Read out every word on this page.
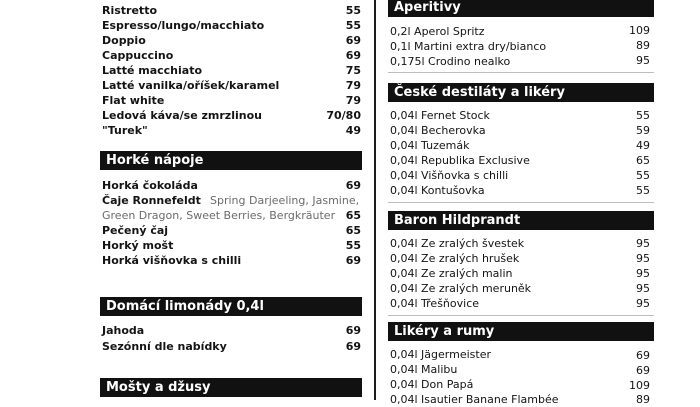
Ristretto	55
Espresso/lungo/macchiato	55
Doppio	69
Cappuccino	69
Latté macchiato	75
Latté vanilka/oříšek/karamel	79
Flat white	79
Ledová káva/se zmrzlinou	70/80
"Turek"	49
Horké nápoje
Horká čokoláda	69
Čaje Ronnefeldt Spring Darjeeling, Jasmine,
Green Dragon, Sweet Berries, Bergkräuter 65
Pečený čaj	65
Horký mošt	55
Horká višňovka s chilli	69
Domácí limonády 0,4l
Jahoda	69
Sezónní dle nabídky	69
Mošty a džusy
Aperitivy
0,2l Aperol Spritz	109
0,1l Martini extra dry/bianco	89
0,175l Crodino nealko	95
České destiláty a likéry
0,04l Fernet Stock	55
0,04l Becherovka	59
0,04l Tuzemák	49
0,04l Republika Exclusive	65
0,04l Višňovka s chilli	55
0,04l Kontušovka	55
Baron Hildprandt
0,04l Ze zralých švestek	95
0,04l Ze zralých hrušek	95
0,04l Ze zralých malin	95
0,04l Ze zralých meruněk	95
0,04l Třešňovice	95
Likéry a rumy
0,04l Jägermeister	69
0,04l Malibu	69
0,04l Don Papá	109
0,04l Isautier Banane Flambée	89
